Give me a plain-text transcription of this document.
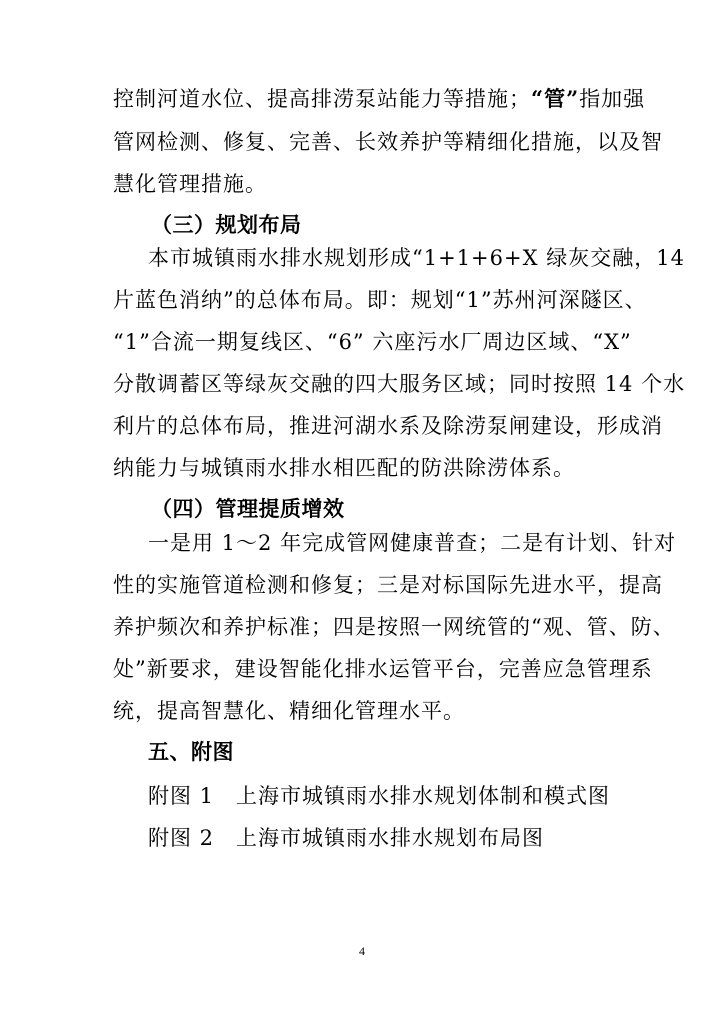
控制河道水位、提高排涝泵站能力等措施；“管”指加强
管网检测、修复、完善、长效养护等精细化措施，以及智
慧化管理措施。
（三）规划布局
本市城镇雨水排水规划形成“1+1+6+X 绿灰交融，14
片蓝色消纳”的总体布局。即：规划“1”苏州河深隧区、
“1”合流一期复线区、“6” 六座污水厂周边区域、“X”
分散调蓄区等绿灰交融的四大服务区域；同时按照 14 个水
利片的总体布局，推进河湖水系及除涝泵闸建设，形成消
纳能力与城镇雨水排水相匹配的防洪除涝体系。
（四）管理提质增效
一是用 1～2 年完成管网健康普查；二是有计划、针对
性的实施管道检测和修复；三是对标国际先进水平，提高
养护频次和养护标准；四是按照一网统管的“观、管、防、
处”新要求，建设智能化排水运管平台，完善应急管理系
统，提高智慧化、精细化管理水平。
五、附图
附图 1　上海市城镇雨水排水规划体制和模式图
附图 2　上海市城镇雨水排水规划布局图
4
